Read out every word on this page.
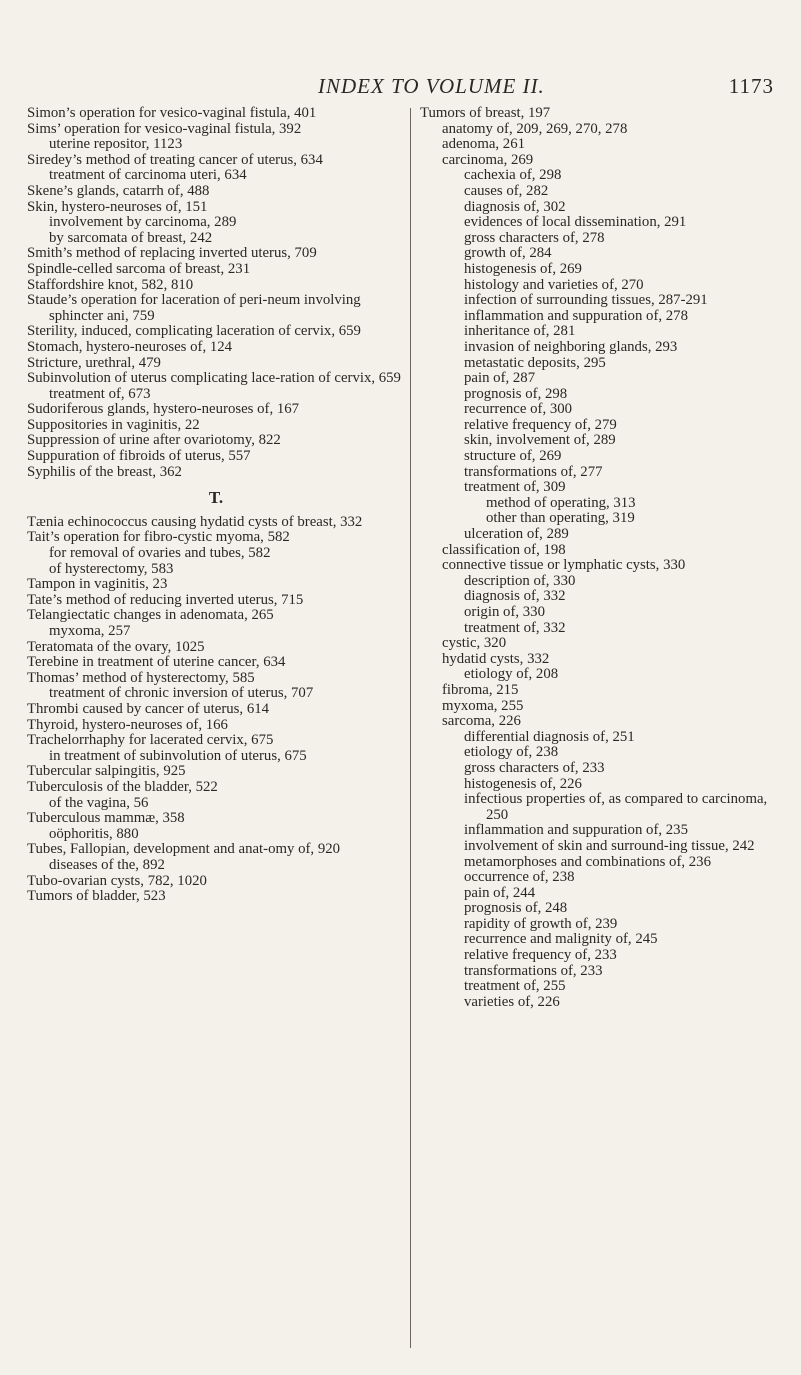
INDEX TO VOLUME II.	1173
Simon’s operation for vesico-vaginal fistula, 401
Sims’ operation for vesico-vaginal fistula, 392
uterine repositor, 1123
Siredey’s method of treating cancer of uterus, 634
treatment of carcinoma uteri, 634
Skene’s glands, catarrh of, 488
Skin, hystero-neuroses of, 151
involvement by carcinoma, 289
by sarcomata of breast, 242
Smith’s method of replacing inverted uterus, 709
Spindle-celled sarcoma of breast, 231
Staffordshire knot, 582, 810
Staude’s operation for laceration of peri-neum involving sphincter ani, 759
Sterility, induced, complicating laceration of cervix, 659
Stomach, hystero-neuroses of, 124
Stricture, urethral, 479
Subinvolution of uterus complicating lace-ration of cervix, 659
treatment of, 673
Sudoriferous glands, hystero-neuroses of, 167
Suppositories in vaginitis, 22
Suppression of urine after ovariotomy, 822
Suppuration of fibroids of uterus, 557
Syphilis of the breast, 362
T.
Tænia echinococcus causing hydatid cysts of breast, 332
Tait’s operation for fibro-cystic myoma, 582
for removal of ovaries and tubes, 582
of hysterectomy, 583
Tampon in vaginitis, 23
Tate’s method of reducing inverted uterus, 715
Telangiectatic changes in adenomata, 265
myxoma, 257
Teratomata of the ovary, 1025
Terebine in treatment of uterine cancer, 634
Thomas’ method of hysterectomy, 585
treatment of chronic inversion of uterus, 707
Thrombi caused by cancer of uterus, 614
Thyroid, hystero-neuroses of, 166
Trachelorrhaphy for lacerated cervix, 675
in treatment of subinvolution of uterus, 675
Tubercular salpingitis, 925
Tuberculosis of the bladder, 522
of the vagina, 56
Tuberculous mammæ, 358
oöphoritis, 880
Tubes, Fallopian, development and anat-omy of, 920
diseases of the, 892
Tubo-ovarian cysts, 782, 1020
Tumors of bladder, 523
Tumors of breast, 197
anatomy of, 209, 269, 270, 278
adenoma, 261
carcinoma, 269
cachexia of, 298
causes of, 282
diagnosis of, 302
evidences of local dissemination, 291
gross characters of, 278
growth of, 284
histogenesis of, 269
histology and varieties of, 270
infection of surrounding tissues, 287-291
inflammation and suppuration of, 278
inheritance of, 281
invasion of neighboring glands, 293
metastatic deposits, 295
pain of, 287
prognosis of, 298
recurrence of, 300
relative frequency of, 279
skin, involvement of, 289
structure of, 269
transformations of, 277
treatment of, 309
method of operating, 313
other than operating, 319
ulceration of, 289
classification of, 198
connective tissue or lymphatic cysts, 330
description of, 330
diagnosis of, 332
origin of, 330
treatment of, 332
cystic, 320
hydatid cysts, 332
etiology of, 208
fibroma, 215
myxoma, 255
sarcoma, 226
differential diagnosis of, 251
etiology of, 238
gross characters of, 233
histogenesis of, 226
infectious properties of, as compared to carcinoma, 250
inflammation and suppuration of, 235
involvement of skin and surround-ing tissue, 242
metamorphoses and combinations of, 236
occurrence of, 238
pain of, 244
prognosis of, 248
rapidity of growth of, 239
recurrence and malignity of, 245
relative frequency of, 233
transformations of, 233
treatment of, 255
varieties of, 226
